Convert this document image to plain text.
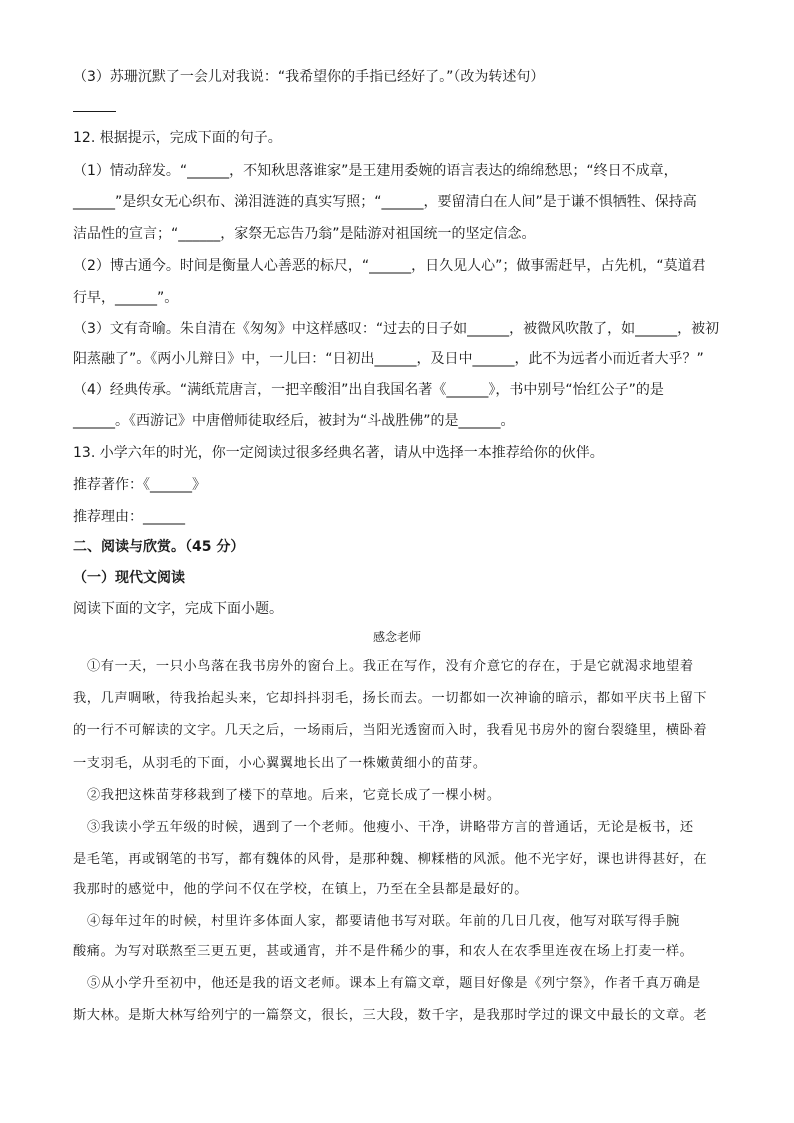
（3）苏珊沉默了一会儿对我说：“我希望你的手指已经好了。”（改为转述句）
12. 根据提示，完成下面的句子。
（1）情动辞发。“______，不知秋思落谁家”是王建用委婉的语言表达的绵绵愁思；“终日不成章，
______”是织女无心织布、涕泪涟涟的真实写照；“______，要留清白在人间”是于谦不惧牺牲、保持高
洁品性的宣言；“______，家祭无忘告乃翁”是陆游对祖国统一的坚定信念。
（2）博古通今。时间是衡量人心善恶的标尺，“______，日久见人心”；做事需赶早，占先机，“莫道君
行早，______”。
（3）文有奇喻。朱自清在《匆匆》中这样感叹：“过去的日子如______，被微风吹散了，如______，被初
阳蒸融了”。《两小儿辩日》中，一儿曰：“日初出______，及日中______，此不为远者小而近者大乎？”
（4）经典传承。“满纸荒唐言，一把辛酸泪”出自我国名著《______》，书中别号“怡红公子”的是
______。《西游记》中唐僧师徒取经后，被封为“斗战胜佛”的是______。
13. 小学六年的时光，你一定阅读过很多经典名著，请从中选择一本推荐给你的伙伴。
推荐著作：《______》
推荐理由：______
二、阅读与欣赏。（45 分）
（一）现代文阅读
阅读下面的文字，完成下面小题。
感念老师
①有一天，一只小鸟落在我书房外的窗台上。我正在写作，没有介意它的存在，于是它就渴求地望着
我，几声啁啾，待我抬起头来，它却抖抖羽毛，扬长而去。一切都如一次神谕的暗示，都如平庆书上留下
的一行不可解读的文字。几天之后，一场雨后，当阳光透窗而入时，我看见书房外的窗台裂缝里，横卧着
一支羽毛，从羽毛的下面，小心翼翼地长出了一株嫩黄细小的苗芽。
②我把这株苗芽移栽到了楼下的草地。后来，它竟长成了一棵小树。
③我读小学五年级的时候，遇到了一个老师。他瘦小、干净，讲略带方言的普通话，无论是板书，还
是毛笔，再或钢笔的书写，都有魏体的风骨，是那种魏、柳糅楷的风派。他不光字好，课也讲得甚好，在
我那时的感觉中，他的学问不仅在学校，在镇上，乃至在全县都是最好的。
④每年过年的时候，村里许多体面人家，都要请他书写对联。年前的几日几夜，他写对联写得手腕
酸痛。为写对联熬至三更五更，甚或通宵，并不是件稀少的事，和农人在农季里连夜在场上打麦一样。
⑤从小学升至初中，他还是我的语文老师。课本上有篇文章，题目好像是《列宁祭》，作者千真万确是
斯大林。是斯大林写给列宁的一篇祭文，很长，三大段，数千字，是我那时学过的课文中最长的文章。老
